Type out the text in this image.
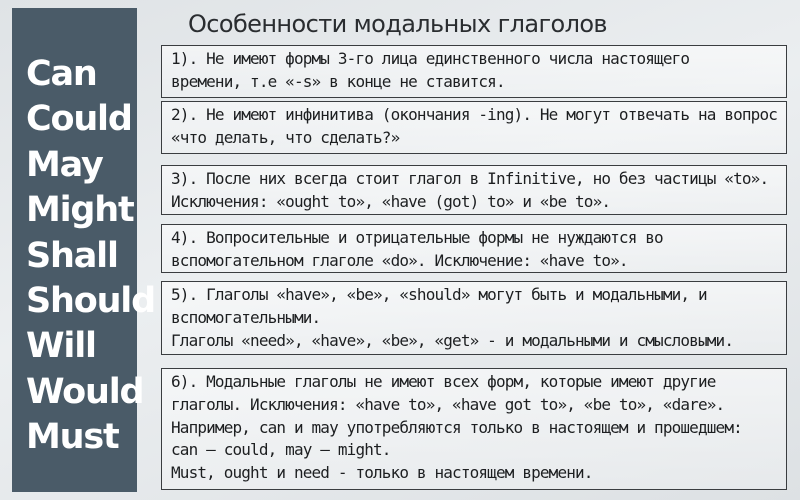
Can
Could
May
Might
Shall
Should
Will
Would
Must
Особенности модальных глаголов
1). Не имеют формы 3-го лица единственного числа настоящего
времени, т.е «-s» в конце не ставится.
2). Не имеют инфинитива (окончания -ing). Не могут отвечать на вопрос
«что делать, что сделать?»
3). После них всегда стоит глагол в Infinitive, но без частицы «to».
Исключения: «ought to», «have (got) to» и «be to».
4). Вопросительные и отрицательные формы не нуждаются во
вспомогательном глаголе «do». Исключение: «have to».
5). Глаголы «have», «be», «should» могут быть и модальными, и
вспомогательными.
Глаголы «need», «have», «be», «get» - и модальными и смысловыми.
6). Модальные глаголы не имеют всех форм, которые имеют другие
глаголы. Исключения: «have to», «have got to», «be to», «dare».
Например, can и may употребляются только в настоящем и прошедшем:
can — could, may — might.
Must, ought и need - только в настоящем времени.
